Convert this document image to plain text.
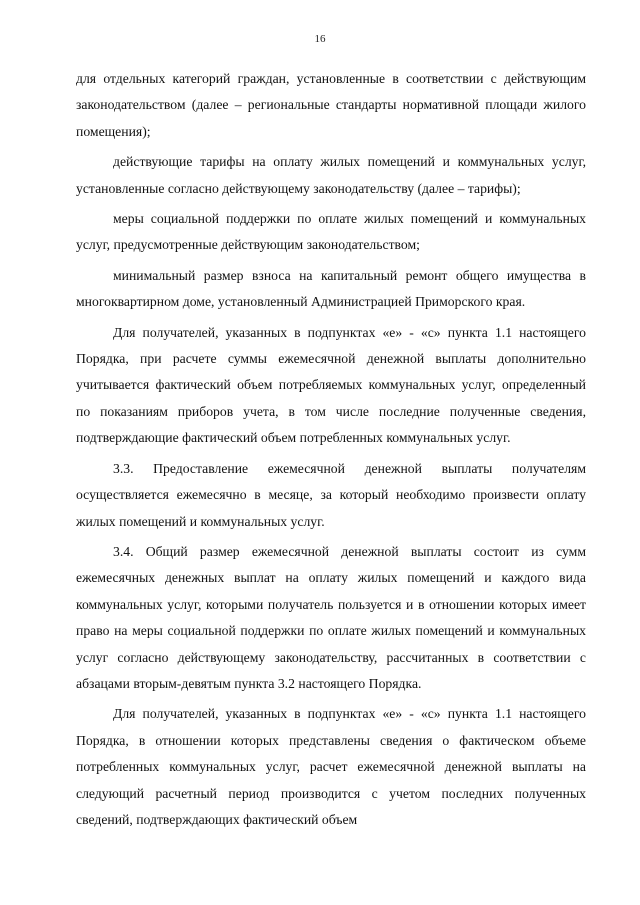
16

для отдельных категорий граждан, установленные в соответствии с действующим законодательством (далее – региональные стандарты нормативной площади жилого помещения);

действующие тарифы на оплату жилых помещений и коммунальных услуг, установленные согласно действующему законодательству (далее – тарифы);

меры социальной поддержки по оплате жилых помещений и коммунальных услуг, предусмотренные действующим законодательством;

минимальный размер взноса на капитальный ремонт общего имущества в многоквартирном доме, установленный Администрацией Приморского края.

Для получателей, указанных в подпунктах «е» - «с» пункта 1.1 настоящего Порядка, при расчете суммы ежемесячной денежной выплаты дополнительно учитывается фактический объем потребляемых коммунальных услуг, определенный по показаниям приборов учета, в том числе последние полученные сведения, подтверждающие фактический объем потребленных коммунальных услуг.

3.3. Предоставление ежемесячной денежной выплаты получателям осуществляется ежемесячно в месяце, за который необходимо произвести оплату жилых помещений и коммунальных услуг.

3.4. Общий размер ежемесячной денежной выплаты состоит из сумм ежемесячных денежных выплат на оплату жилых помещений и каждого вида коммунальных услуг, которыми получатель пользуется и в отношении которых имеет право на меры социальной поддержки по оплате жилых помещений и коммунальных услуг согласно действующему законодательству, рассчитанных в соответствии с абзацами вторым-девятым пункта 3.2 настоящего Порядка.

Для получателей, указанных в подпунктах «е» - «с» пункта 1.1 настоящего Порядка, в отношении которых представлены сведения о фактическом объеме потребленных коммунальных услуг, расчет ежемесячной денежной выплаты на следующий расчетный период производится с учетом последних полученных сведений, подтверждающих фактический объем
